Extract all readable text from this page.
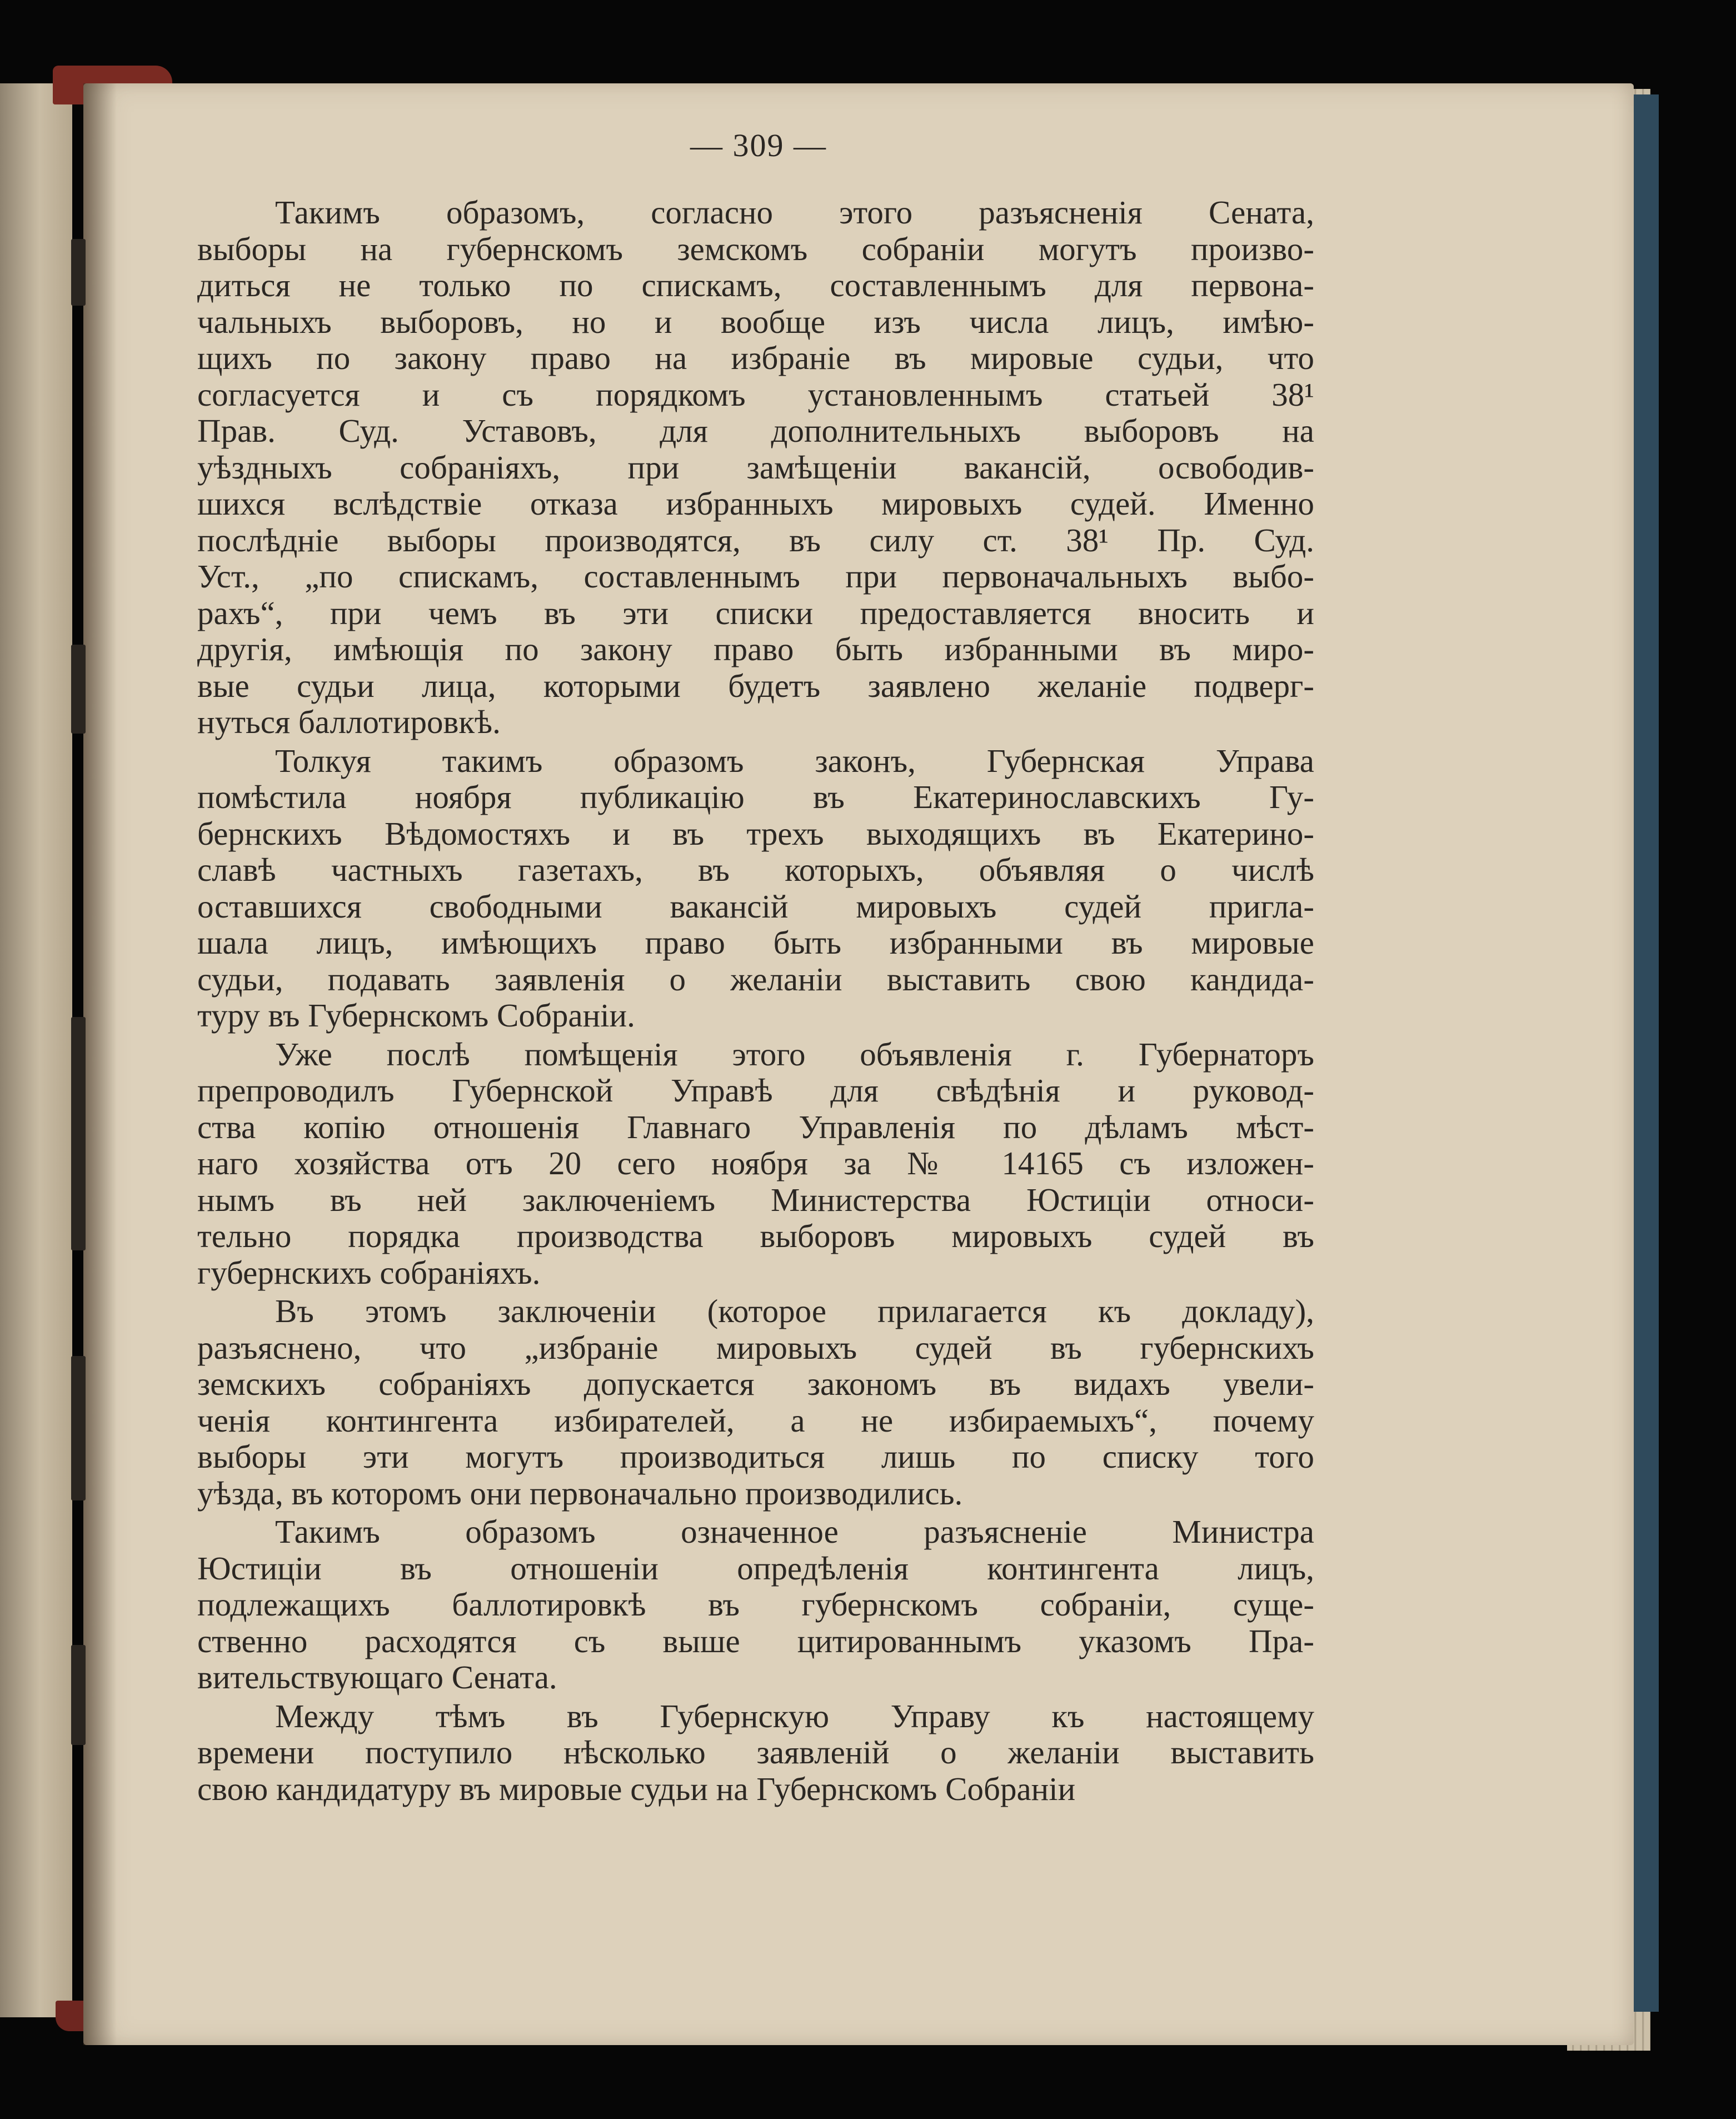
— 309 —
Такимъ образомъ, согласно этого разъясненія Сената,
выборы на губернскомъ земскомъ собраніи могутъ произво-
диться не только по спискамъ, составленнымъ для первона-
чальныхъ выборовъ, но и вообще изъ числа лицъ, имѣю-
щихъ по закону право на избраніе въ мировые судьи, что
согласуется и съ порядкомъ установленнымъ статьей 38¹
Прав. Суд. Уставовъ, для дополнительныхъ выборовъ на
уѣздныхъ собраніяхъ, при замѣщеніи вакансій, освободив-
шихся вслѣдствіе отказа избранныхъ мировыхъ судей. Именно
послѣдніе выборы производятся, въ силу ст. 38¹ Пр. Суд.
Уст., „по спискамъ, составленнымъ при первоначальныхъ выбо-
рахъ“, при чемъ въ эти списки предоставляется вносить и
другія, имѣющія по закону право быть избранными въ миро-
вые судьи лица, которыми будетъ заявлено желаніе подверг-
нуться баллотировкѣ.
Толкуя такимъ образомъ законъ, Губернская Управа
помѣстила ноября публикацію въ Екатеринославскихъ Гу-
бернскихъ Вѣдомостяхъ и въ трехъ выходящихъ въ Екатерино-
славѣ частныхъ газетахъ, въ которыхъ, объявляя о числѣ
оставшихся свободными вакансій мировыхъ судей пригла-
шала лицъ, имѣющихъ право быть избранными въ мировые
судьи, подавать заявленія о желаніи выставить свою кандида-
туру въ Губернскомъ Собраніи.
Уже послѣ помѣщенія этого объявленія г. Губернаторъ
препроводилъ Губернской Управѣ для свѣдѣнія и руковод-
ства копію отношенія Главнаго Управленія по дѣламъ мѣст-
наго хозяйства отъ 20 сего ноября за № 14165 съ изложен-
нымъ въ ней заключеніемъ Министерства Юстиціи относи-
тельно порядка производства выборовъ мировыхъ судей въ
губернскихъ собраніяхъ.
Въ этомъ заключеніи (которое прилагается къ докладу),
разъяснено, что „избраніе мировыхъ судей въ губернскихъ
земскихъ собраніяхъ допускается закономъ въ видахъ увели-
ченія контингента избирателей, а не избираемыхъ“, почему
выборы эти могутъ производиться лишь по списку того
уѣзда, въ которомъ они первоначально производились.
Такимъ образомъ означенное разъясненіе Министра
Юстиціи въ отношеніи опредѣленія контингента лицъ,
подлежащихъ баллотировкѣ въ губернскомъ собраніи, суще-
ственно расходятся съ выше цитированнымъ указомъ Пра-
вительствующаго Сената.
Между тѣмъ въ Губернскую Управу къ настоящему
времени поступило нѣсколько заявленій о желаніи выставить
свою кандидатуру въ мировые судьи на Губернскомъ Собраніи
